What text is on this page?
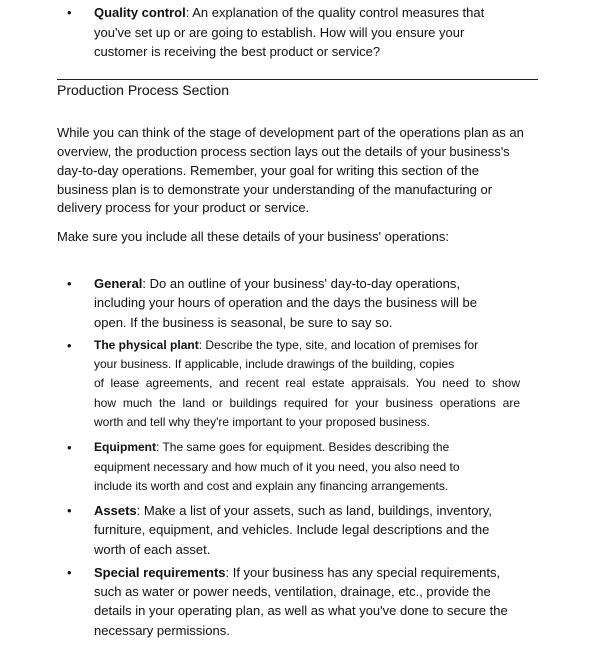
• Quality control: An explanation of the quality control measures that
you've set up or are going to establish. How will you ensure your
customer is receiving the best product or service?
Production Process Section
While you can think of the stage of development part of the operations plan as an
overview, the production process section lays out the details of your business's
day-to-day operations. Remember, your goal for writing this section of the
business plan is to demonstrate your understanding of the manufacturing or
delivery process for your product or service.
Make sure you include all these details of your business' operations:
• General: Do an outline of your business' day-to-day operations,
including your hours of operation and the days the business will be
open. If the business is seasonal, be sure to say so.
• The physical plant: Describe the type, site, and location of premises for
your business. If applicable, include drawings of the building, copies
of lease agreements, and recent real estate appraisals. You need to show
how much the land or buildings required for your business operations are
worth and tell why they're important to your proposed business.
• Equipment: The same goes for equipment. Besides describing the
equipment necessary and how much of it you need, you also need to
include its worth and cost and explain any financing arrangements.
• Assets: Make a list of your assets, such as land, buildings, inventory,
furniture, equipment, and vehicles. Include legal descriptions and the
worth of each asset.
• Special requirements: If your business has any special requirements,
such as water or power needs, ventilation, drainage, etc., provide the
details in your operating plan, as well as what you've done to secure the
necessary permissions.
